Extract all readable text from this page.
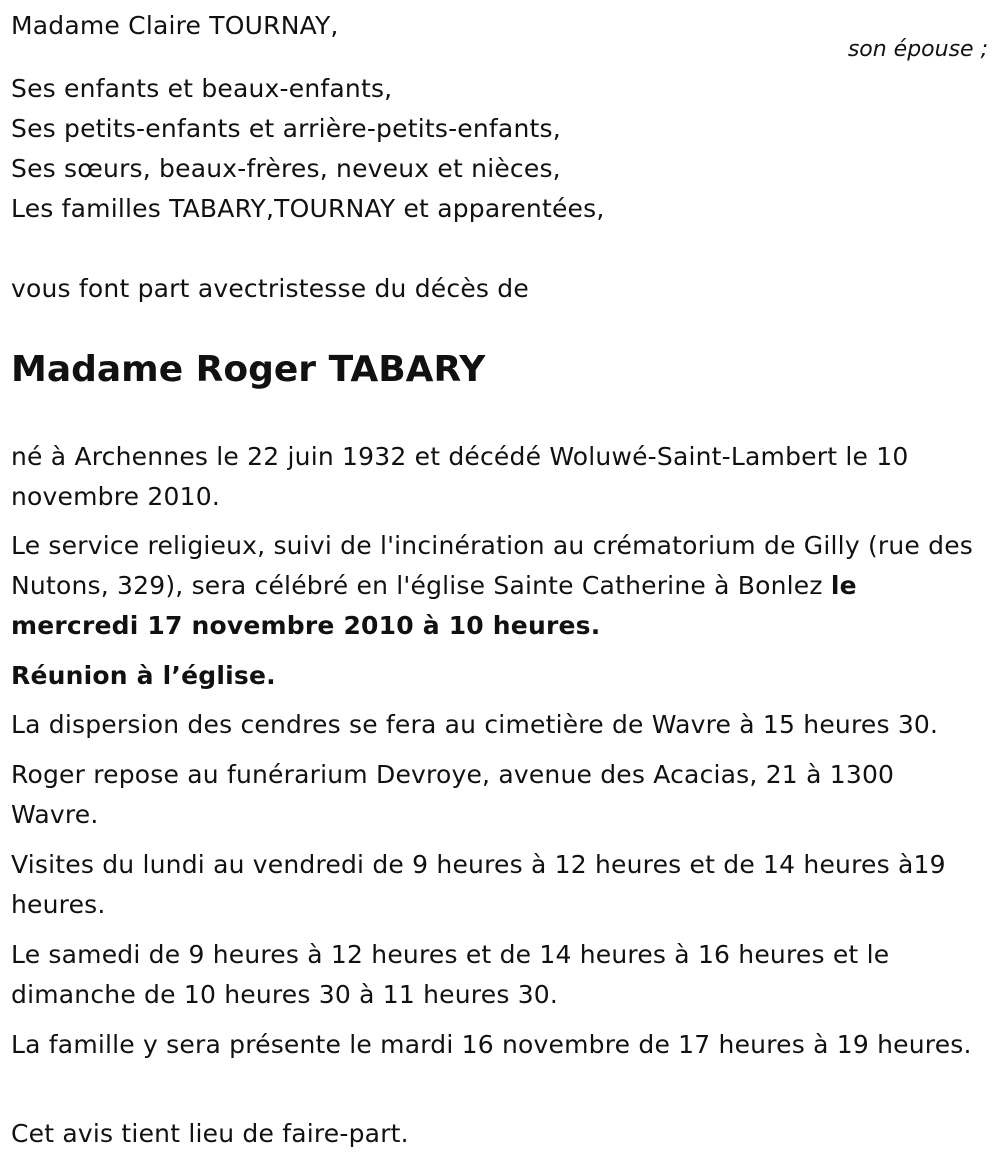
Madame Claire TOURNAY,
son épouse ;
Ses enfants et beaux-enfants,
Ses petits-enfants et arrière-petits-enfants,
Ses sœurs, beaux-frères, neveux et nièces,
Les familles TABARY,TOURNAY et apparentées,
vous font part avectristesse du décès de
Madame Roger TABARY
né à Archennes le 22 juin 1932 et décédé Woluwé-Saint-Lambert le 10 novembre 2010.
Le service religieux, suivi de l'incinération au crématorium de Gilly (rue des Nutons, 329), sera célébré en l'église Sainte Catherine à Bonlez le mercredi 17 novembre 2010 à 10 heures.
Réunion à l’église.
La dispersion des cendres se fera au cimetière de Wavre à 15 heures 30.
Roger repose au funérarium Devroye, avenue des Acacias, 21 à 1300 Wavre.
Visites du lundi au vendredi de 9 heures à 12 heures et de 14 heures à19 heures.
Le samedi de 9 heures à 12 heures et de 14 heures à 16 heures et le dimanche de 10 heures 30 à 11 heures 30.
La famille y sera présente le mardi 16 novembre de 17 heures à 19 heures.
Cet avis tient lieu de faire-part.
